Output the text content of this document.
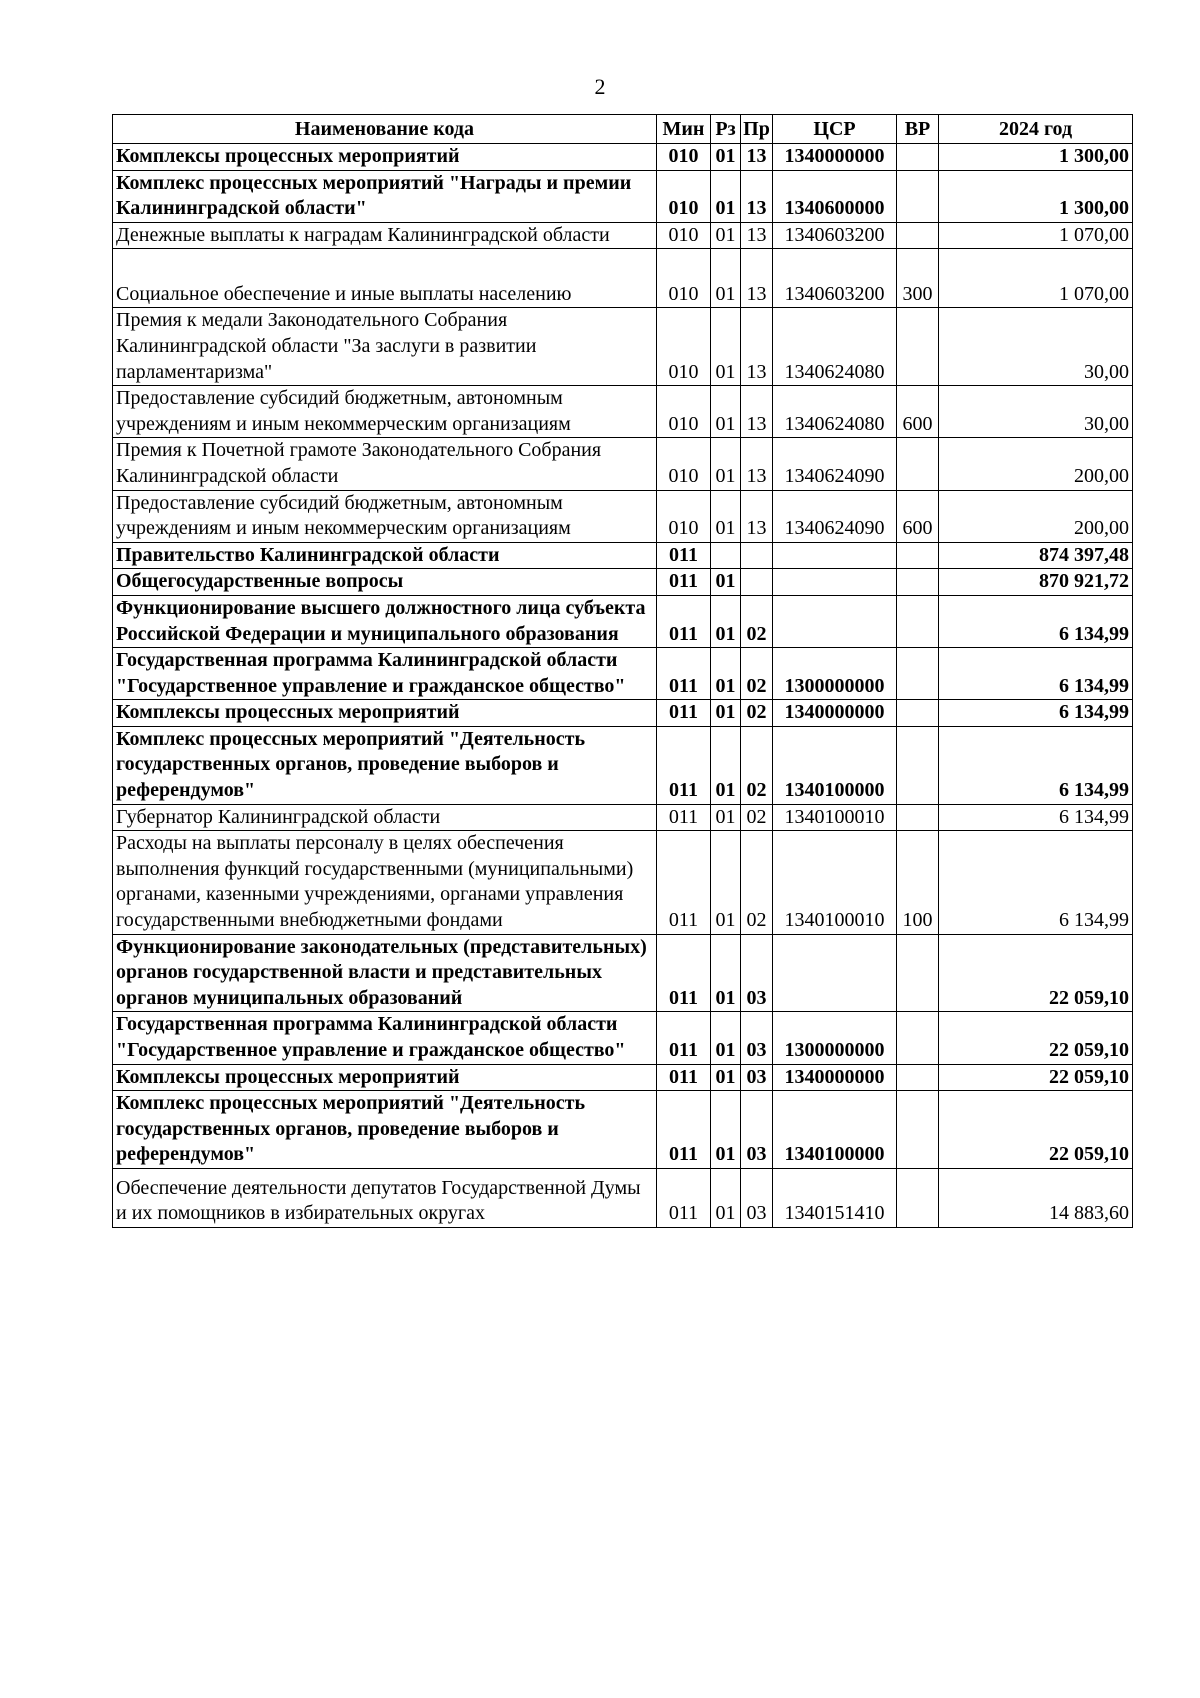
2
Наименование кода	Мин	Рз	Пр	ЦСР	ВР	2024 год
Комплексы процессных мероприятий	010	01	13	1340000000		1 300,00
Комплекс процессных мероприятий "Награды и премии Калининградской области"	010	01	13	1340600000		1 300,00
Денежные выплаты к наградам Калининградской области	010	01	13	1340603200		1 070,00
Социальное обеспечение и иные выплаты населению	010	01	13	1340603200	300	1 070,00
Премия к медали Законодательного Собрания Калининградской области "За заслуги в развитии парламентаризма"	010	01	13	1340624080		30,00
Предоставление субсидий бюджетным, автономным учреждениям и иным некоммерческим организациям	010	01	13	1340624080	600	30,00
Премия к Почетной грамоте Законодательного Собрания Калининградской области	010	01	13	1340624090		200,00
Предоставление субсидий бюджетным, автономным учреждениям и иным некоммерческим организациям	010	01	13	1340624090	600	200,00
Правительство Калининградской области	011					874 397,48
Общегосударственные вопросы	011	01				870 921,72
Функционирование высшего должностного лица субъекта Российской Федерации и муниципального образования	011	01	02			6 134,99
Государственная программа Калининградской области "Государственное управление и гражданское общество"	011	01	02	1300000000		6 134,99
Комплексы процессных мероприятий	011	01	02	1340000000		6 134,99
Комплекс процессных мероприятий "Деятельность государственных органов, проведение выборов и референдумов"	011	01	02	1340100000		6 134,99
Губернатор Калининградской области	011	01	02	1340100010		6 134,99
Расходы на выплаты персоналу в целях обеспечения выполнения функций государственными (муниципальными) органами, казенными учреждениями, органами управления государственными внебюджетными фондами	011	01	02	1340100010	100	6 134,99
Функционирование законодательных (представительных) органов государственной власти и представительных органов муниципальных образований	011	01	03			22 059,10
Государственная программа Калининградской области "Государственное управление и гражданское общество"	011	01	03	1300000000		22 059,10
Комплексы процессных мероприятий	011	01	03	1340000000		22 059,10
Комплекс процессных мероприятий "Деятельность государственных органов, проведение выборов и референдумов"	011	01	03	1340100000		22 059,10
Обеспечение деятельности депутатов Государственной Думы и их помощников в избирательных округах	011	01	03	1340151410		14 883,60
